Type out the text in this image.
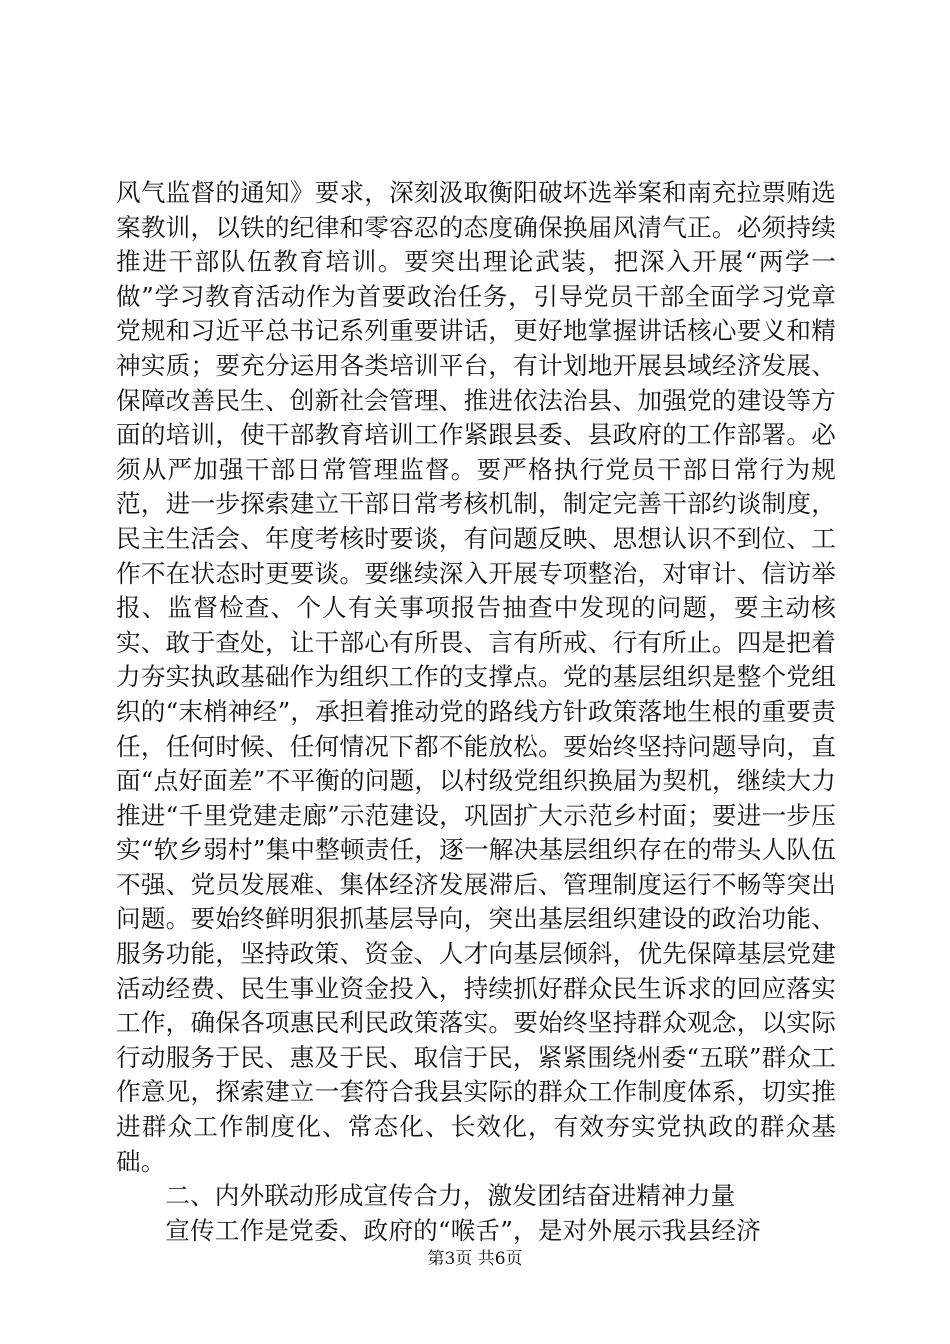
风气监督的通知》要求，深刻汲取衡阳破坏选举案和南充拉票贿选案教训，以铁的纪律和零容忍的态度确保换届风清气正。必须持续推进干部队伍教育培训。要突出理论武装，把深入开展“两学一做”学习教育活动作为首要政治任务，引导党员干部全面学习党章党规和习近平总书记系列重要讲话，更好地掌握讲话核心要义和精神实质；要充分运用各类培训平台，有计划地开展县域经济发展、保障改善民生、创新社会管理、推进依法治县、加强党的建设等方面的培训，使干部教育培训工作紧跟县委、县政府的工作部署。必须从严加强干部日常管理监督。要严格执行党员干部日常行为规范，进一步探索建立干部日常考核机制，制定完善干部约谈制度，民主生活会、年度考核时要谈，有问题反映、思想认识不到位、工作不在状态时更要谈。要继续深入开展专项整治，对审计、信访举报、监督检查、个人有关事项报告抽查中发现的问题，要主动核实、敢于查处，让干部心有所畏、言有所戒、行有所止。四是把着力夯实执政基础作为组织工作的支撑点。党的基层组织是整个党组织的“末梢神经”，承担着推动党的路线方针政策落地生根的重要责任，任何时候、任何情况下都不能放松。要始终坚持问题导向，直面“点好面差”不平衡的问题，以村级党组织换届为契机，继续大力推进“千里党建走廊”示范建设，巩固扩大示范乡村面；要进一步压实“软乡弱村”集中整顿责任，逐一解决基层组织存在的带头人队伍不强、党员发展难、集体经济发展滞后、管理制度运行不畅等突出问题。要始终鲜明狠抓基层导向，突出基层组织建设的政治功能、服务功能，坚持政策、资金、人才向基层倾斜，优先保障基层党建活动经费、民生事业资金投入，持续抓好群众民生诉求的回应落实工作，确保各项惠民利民政策落实。要始终坚持群众观念，以实际行动服务于民、惠及于民、取信于民，紧紧围绕州委“五联”群众工作意见，探索建立一套符合我县实际的群众工作制度体系，切实推进群众工作制度化、常态化、长效化，有效夯实党执政的群众基础。

二、内外联动形成宣传合力，激发团结奋进精神力量

宣传工作是党委、政府的“喉舌”，是对外展示我县经济

第3页 共6页
